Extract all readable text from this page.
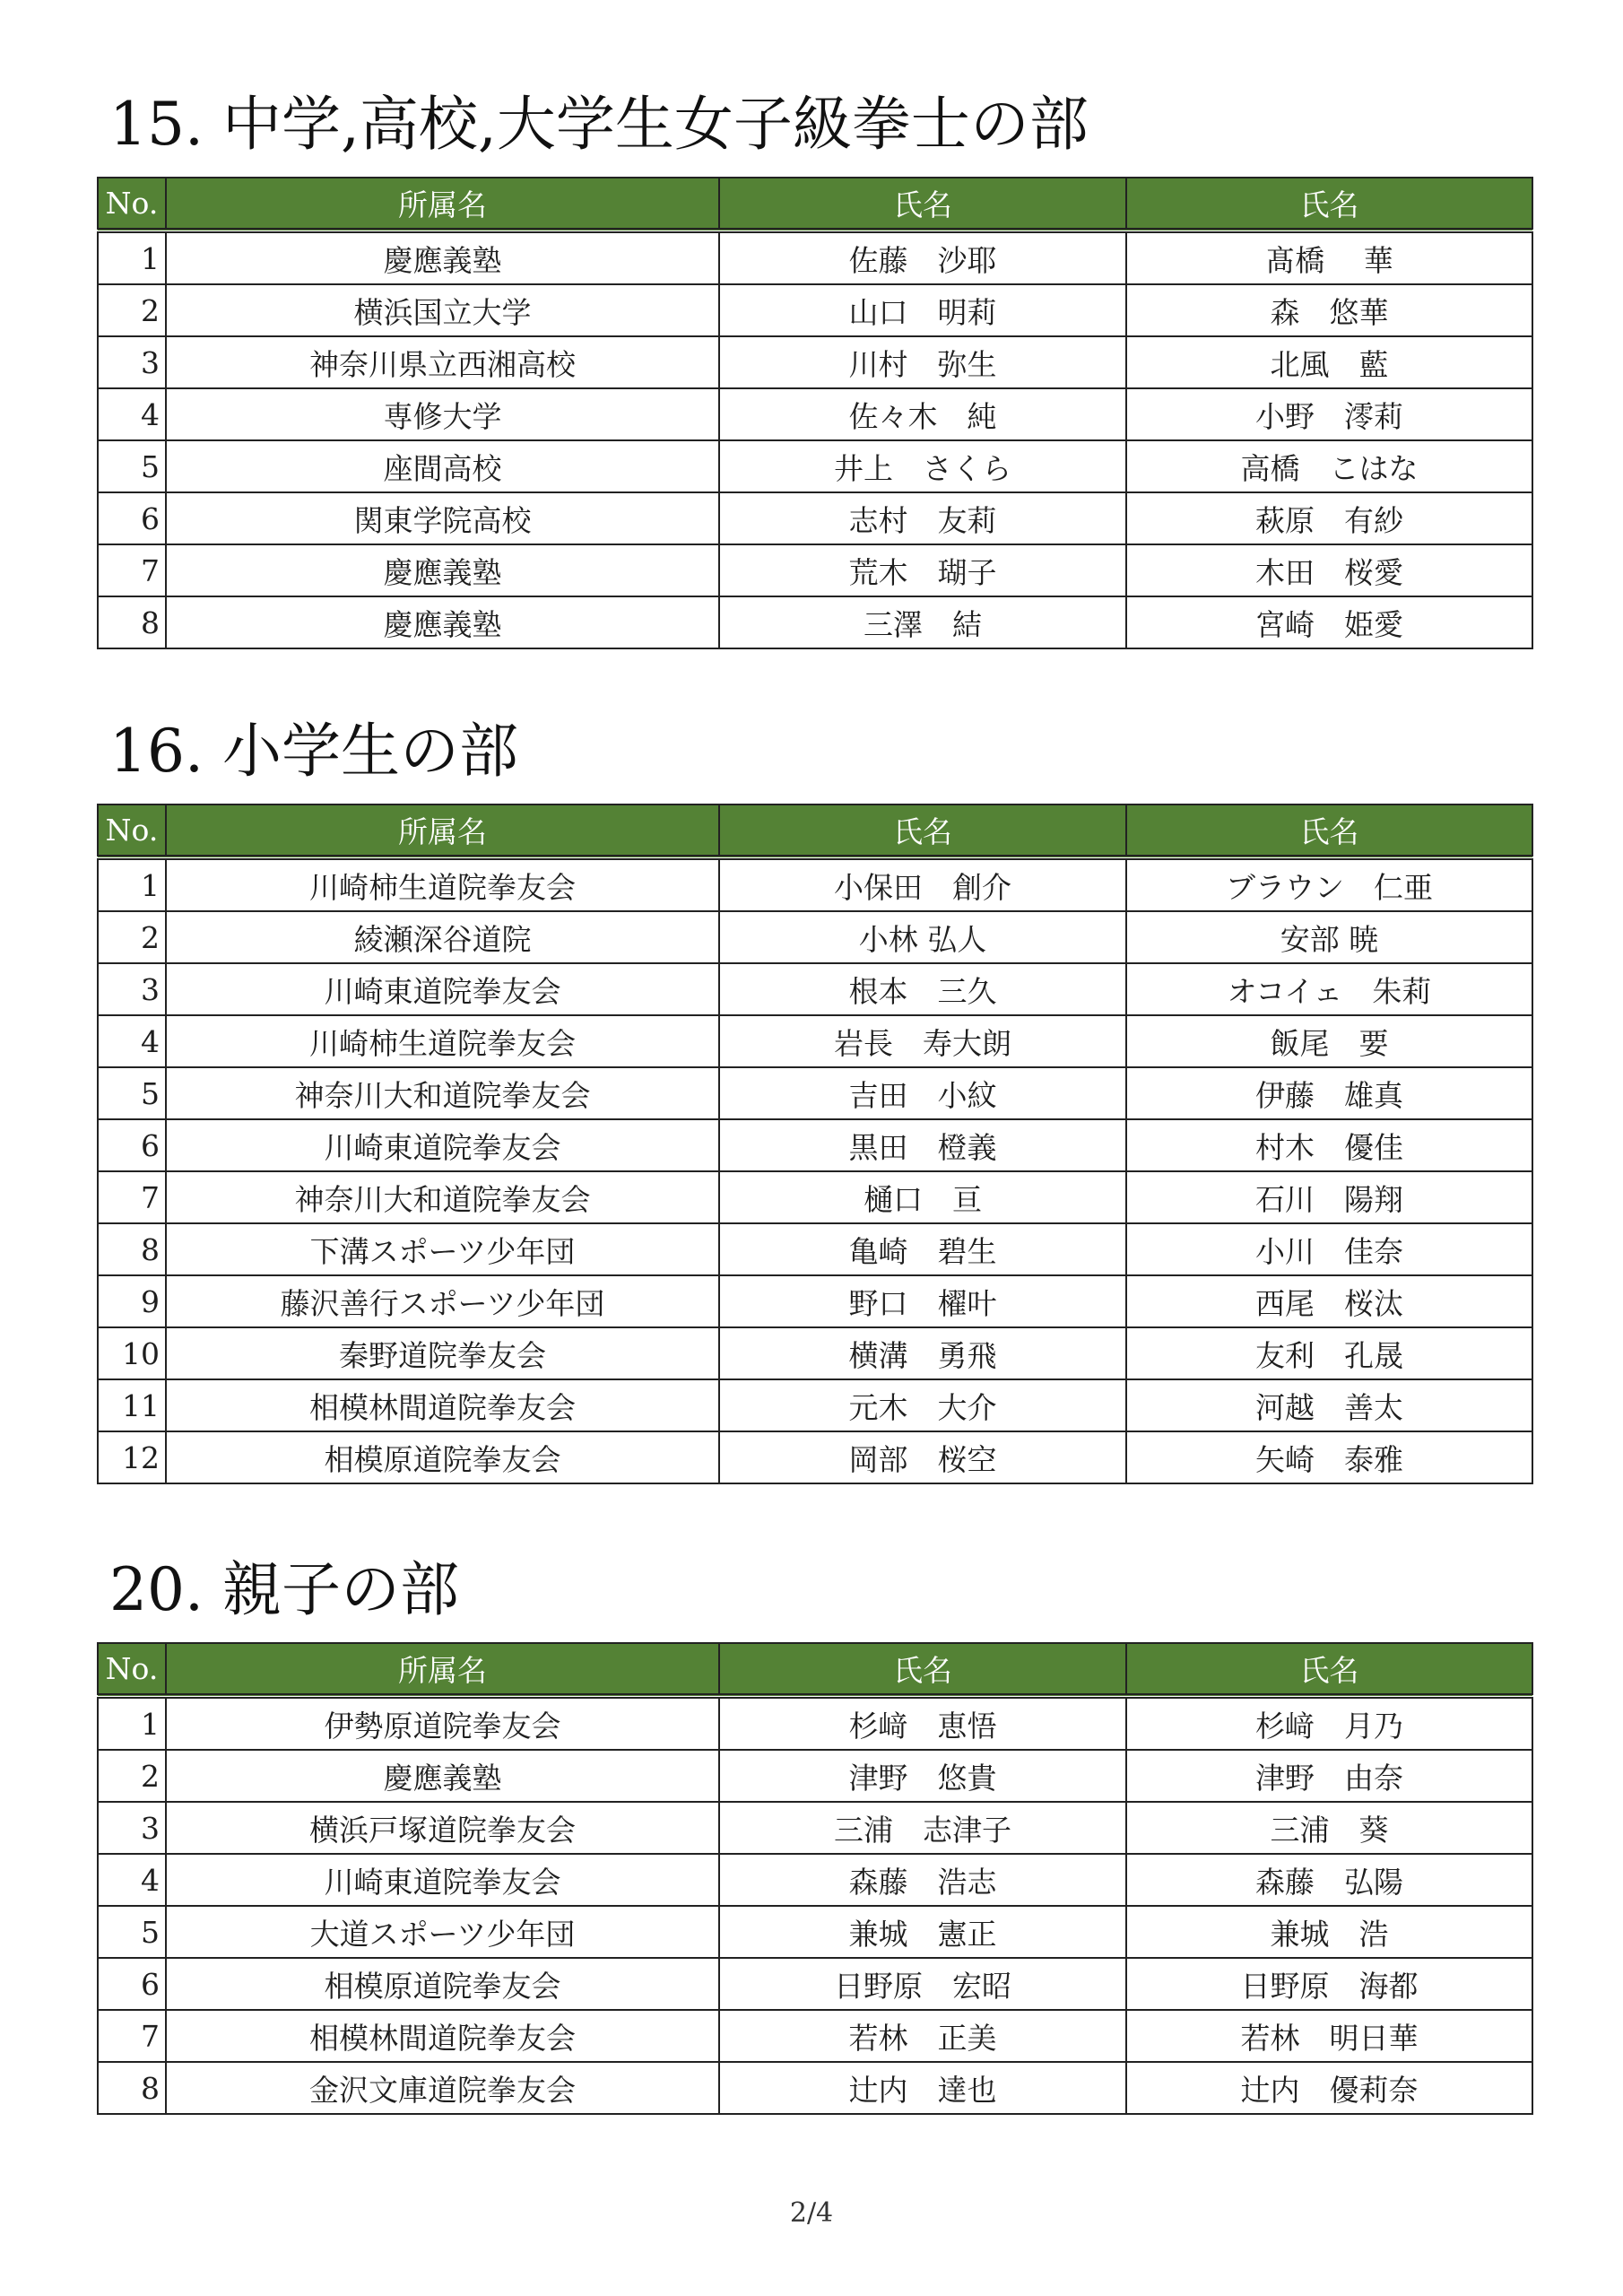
15. 中学,高校,大学生女子級拳士の部
No.	所属名	氏名	氏名
1	慶應義塾	佐藤　沙耶	髙橋　 華
2	横浜国立大学	山口　明莉	森　悠華
3	神奈川県立西湘高校	川村　弥生	北風　藍
4	専修大学	佐々木　純	小野　澪莉
5	座間高校	井上　さくら	高橋　こはな
6	関東学院高校	志村　友莉	萩原　有紗
7	慶應義塾	荒木　瑚子	木田　桜愛
8	慶應義塾	三澤　結	宮崎　姫愛
16. 小学生の部
No.	所属名	氏名	氏名
1	川崎柿生道院拳友会	小保田　創介	ブラウン　仁亜
2	綾瀬深谷道院	小林 弘人	安部 暁
3	川崎東道院拳友会	根本　三久	オコイェ　朱莉
4	川崎柿生道院拳友会	岩長　寿大朗	飯尾　要
5	神奈川大和道院拳友会	吉田　小紋	伊藤　雄真
6	川崎東道院拳友会	黒田　橙義	村木　優佳
7	神奈川大和道院拳友会	樋口　亘	石川　陽翔
8	下溝スポーツ少年団	亀崎　碧生	小川　佳奈
9	藤沢善行スポーツ少年団	野口　櫂叶	西尾　桜汰
10	秦野道院拳友会	横溝　勇飛	友利　孔晟
11	相模林間道院拳友会	元木　大介	河越　善太
12	相模原道院拳友会	岡部　桜空	矢崎　泰雅
20. 親子の部
No.	所属名	氏名	氏名
1	伊勢原道院拳友会	杉﨑　恵悟	杉﨑　月乃
2	慶應義塾	津野　悠貴	津野　由奈
3	横浜戸塚道院拳友会	三浦　志津子	三浦　葵
4	川崎東道院拳友会	森藤　浩志	森藤　弘陽
5	大道スポーツ少年団	兼城　憲正	兼城　浩
6	相模原道院拳友会	日野原　宏昭	日野原　海都
7	相模林間道院拳友会	若林　正美	若林　明日華
8	金沢文庫道院拳友会	辻内　達也	辻内　優莉奈
2/4
